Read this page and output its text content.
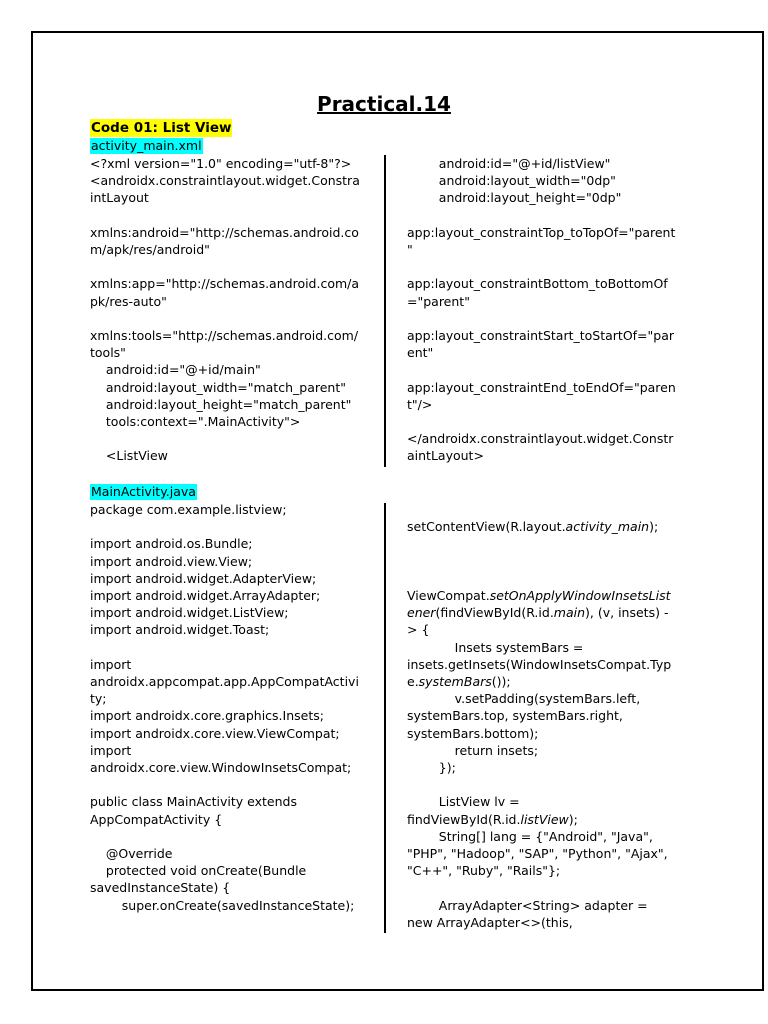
Practical.14
Code 01: List View
activity_main.xml
<?xml version="1.0" encoding="utf-8"?>
<androidx.constraintlayout.widget.Constra
intLayout
xmlns:android="http://schemas.android.co
m/apk/res/android"
xmlns:app="http://schemas.android.com/a
pk/res-auto"
xmlns:tools="http://schemas.android.com/
tools"
android:id="@+id/main"
android:layout_width="match_parent"
android:layout_height="match_parent"
tools:context=".MainActivity">
<ListView
android:id="@+id/listView"
android:layout_width="0dp"
android:layout_height="0dp"
app:layout_constraintTop_toTopOf="parent
"
app:layout_constraintBottom_toBottomOf
="parent"
app:layout_constraintStart_toStartOf="par
ent"
app:layout_constraintEnd_toEndOf="paren
t"/>
</androidx.constraintlayout.widget.Constr
aintLayout>
MainActivity.java
package com.example.listview;
import android.os.Bundle;
import android.view.View;
import android.widget.AdapterView;
import android.widget.ArrayAdapter;
import android.widget.ListView;
import android.widget.Toast;
import
androidx.appcompat.app.AppCompatActivi
ty;
import androidx.core.graphics.Insets;
import androidx.core.view.ViewCompat;
import
androidx.core.view.WindowInsetsCompat;
public class MainActivity extends
AppCompatActivity {
@Override
protected void onCreate(Bundle
savedInstanceState) {
super.onCreate(savedInstanceState);
setContentView(R.layout.activity_main);
ViewCompat.setOnApplyWindowInsetsList
ener(findViewById(R.id.main), (v, insets) -
> {
Insets systemBars =
insets.getInsets(WindowInsetsCompat.Typ
e.systemBars());
v.setPadding(systemBars.left,
systemBars.top, systemBars.right,
systemBars.bottom);
return insets;
});
ListView lv =
findViewById(R.id.listView);
String[] lang = {"Android", "Java",
"PHP", "Hadoop", "SAP", "Python", "Ajax",
"C++", "Ruby", "Rails"};
ArrayAdapter<String> adapter =
new ArrayAdapter<>(this,
